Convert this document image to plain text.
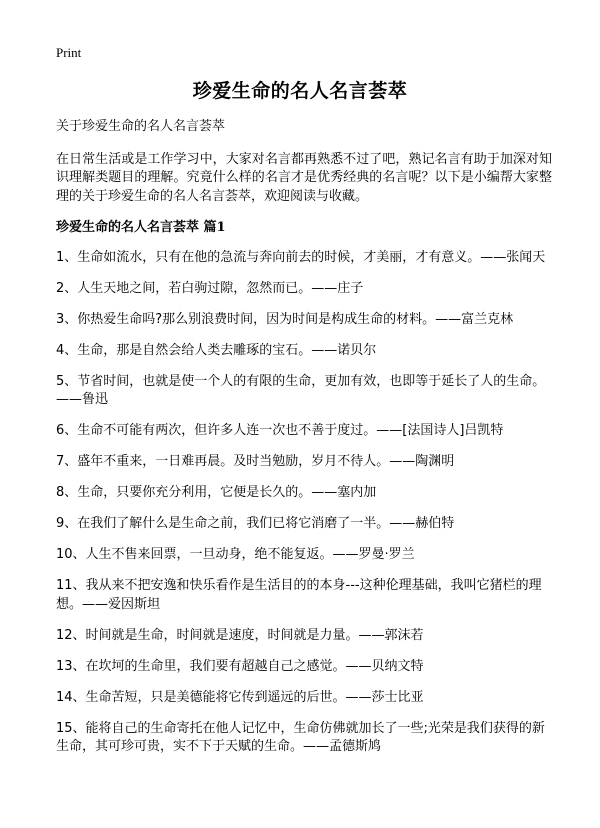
Print
珍爱生命的名人名言荟萃

关于珍爱生命的名人名言荟萃

在日常生活或是工作学习中，大家对名言都再熟悉不过了吧，熟记名言有助于加深对知识理解类题目的理解。究竟什么样的名言才是优秀经典的名言呢？以下是小编帮大家整理的关于珍爱生命的名人名言荟萃，欢迎阅读与收藏。

珍爱生命的名人名言荟萃 篇1

1、生命如流水，只有在他的急流与奔向前去的时候，才美丽，才有意义。——张闻天
2、人生天地之间，若白驹过隙，忽然而已。——庄子
3、你热爱生命吗?那么别浪费时间，因为时间是构成生命的材料。——富兰克林
4、生命，那是自然会给人类去雕琢的宝石。——诺贝尔
5、节省时间，也就是使一个人的有限的生命，更加有效，也即等于延长了人的生命。——鲁迅
6、生命不可能有两次，但许多人连一次也不善于度过。——[法国诗人]吕凯特
7、盛年不重来，一日难再晨。及时当勉励，岁月不待人。——陶渊明
8、生命，只要你充分利用，它便是长久的。——塞内加
9、在我们了解什么是生命之前，我们已将它消磨了一半。——赫伯特
10、人生不售来回票，一旦动身，绝不能复返。——罗曼·罗兰
11、我从来不把安逸和快乐看作是生活目的的本身---这种伦理基础，我叫它猪栏的理想。——爱因斯坦
12、时间就是生命，时间就是速度，时间就是力量。——郭沫若
13、在坎坷的生命里，我们要有超越自己之感觉。——贝纳文特
14、生命苦短，只是美德能将它传到遥远的后世。——莎士比亚
15、能将自己的生命寄托在他人记忆中，生命仿佛就加长了一些;光荣是我们获得的新生命，其可珍可贵，实不下于天赋的生命。——孟德斯鸠
